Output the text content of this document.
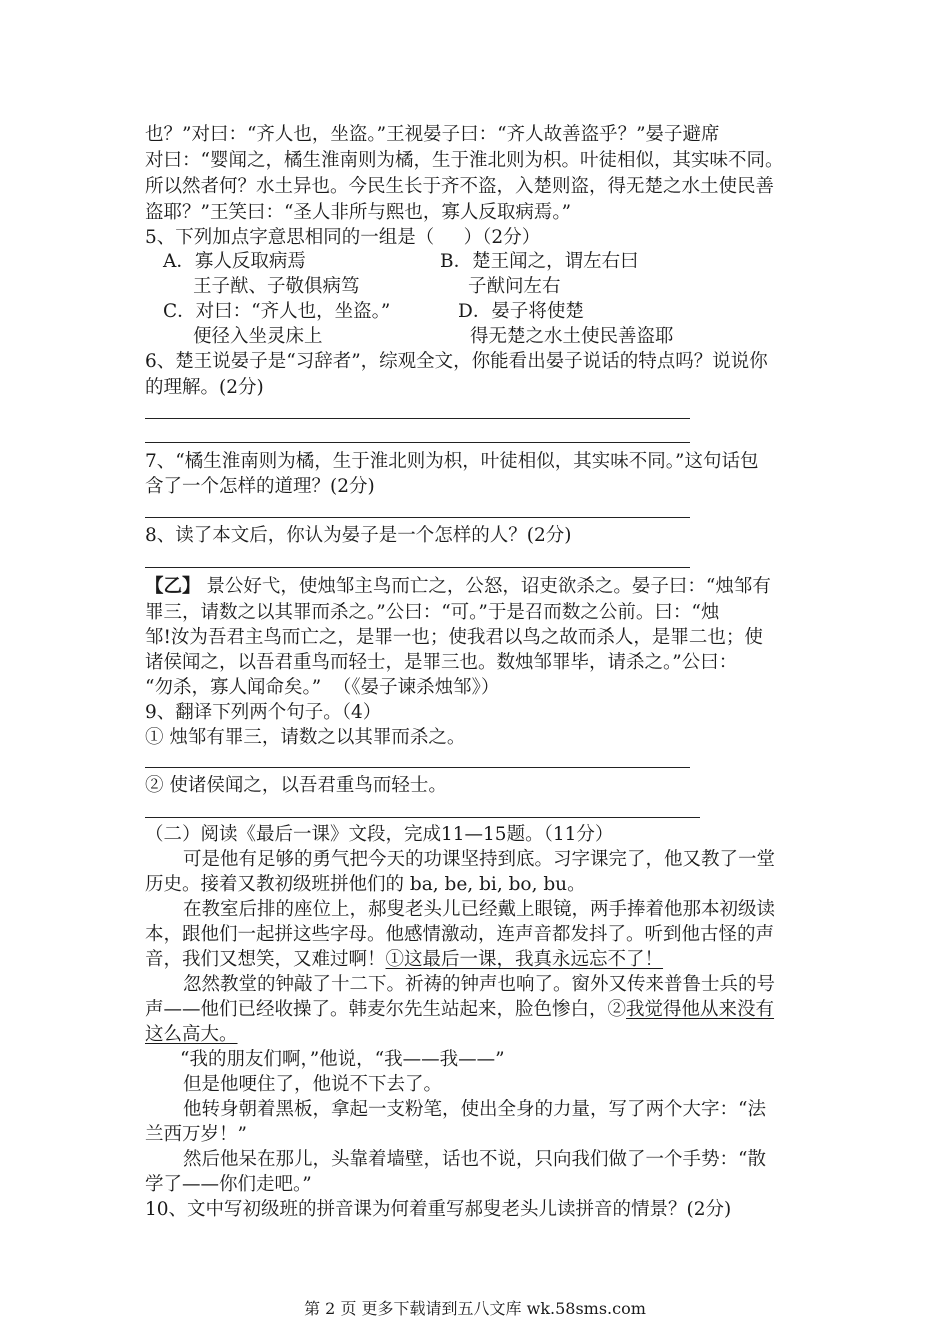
也？”对曰：“齐人也，坐盗。”王视晏子曰：“齐人故善盗乎？”晏子避席
对曰：“婴闻之，橘生淮南则为橘，生于淮北则为枳。叶徒相似，其实味不同。
所以然者何？水土异也。今民生长于齐不盗，入楚则盗，得无楚之水土使民善
盗耶？”王笑曰：“圣人非所与熙也，寡人反取病焉。”
5、下列加点字意思相同的一组是（     ）（2分）
A．寡人反取病焉	B．楚王闻之，谓左右曰
王子猷、子敬俱病笃	子猷问左右
C．对曰：“齐人也，坐盗。”	D．晏子将使楚
便径入坐灵床上	得无楚之水土使民善盗耶
6、楚王说晏子是“习辞者”，综观全文，你能看出晏子说话的特点吗？说说你
的理解。(2分)
7、“橘生淮南则为橘，生于淮北则为枳，叶徒相似，其实味不同。”这句话包
含了一个怎样的道理？(2分)
8、读了本文后，你认为晏子是一个怎样的人？(2分)
【乙】 景公好弋，使烛邹主鸟而亡之，公怒，诏吏欲杀之。晏子曰：“烛邹有
罪三，请数之以其罪而杀之。”公曰：“可。”于是召而数之公前。曰：“烛
邹!汝为吾君主鸟而亡之，是罪一也；使我君以鸟之故而杀人，是罪二也；使
诸侯闻之，以吾君重鸟而轻士，是罪三也。数烛邹罪毕，请杀之。”公曰：
“勿杀，寡人闻命矣。”  （《晏子谏杀烛邹》）
9、翻译下列两个句子。（4）
① 烛邹有罪三，请数之以其罪而杀之。
② 使诸侯闻之，以吾君重鸟而轻士。
（二）阅读《最后一课》文段，完成11—15题。（11分）
可是他有足够的勇气把今天的功课坚持到底。习字课完了，他又教了一堂
历史。接着又教初级班拼他们的 ba, be, bi, bo, bu。
在教室后排的座位上，郝叟老头儿已经戴上眼镜，两手捧着他那本初级读
本，跟他们一起拼这些字母。他感情激动，连声音都发抖了。听到他古怪的声
音，我们又想笑，又难过啊！①这最后一课，我真永远忘不了！
忽然教堂的钟敲了十二下。祈祷的钟声也响了。窗外又传来普鲁士兵的号
声——他们已经收操了。韩麦尔先生站起来，脸色惨白，②我觉得他从来没有
这么高大。
“我的朋友们啊，”他说，“我——我——”
但是他哽住了，他说不下去了。
他转身朝着黑板，拿起一支粉笔，使出全身的力量，写了两个大字：“法
兰西万岁！”
然后他呆在那儿，头靠着墙壁，话也不说，只向我们做了一个手势：“散
学了——你们走吧。”
10、文中写初级班的拼音课为何着重写郝叟老头儿读拼音的情景？(2分)
第 2 页 更多下载请到五八文库 wk.58sms.com
